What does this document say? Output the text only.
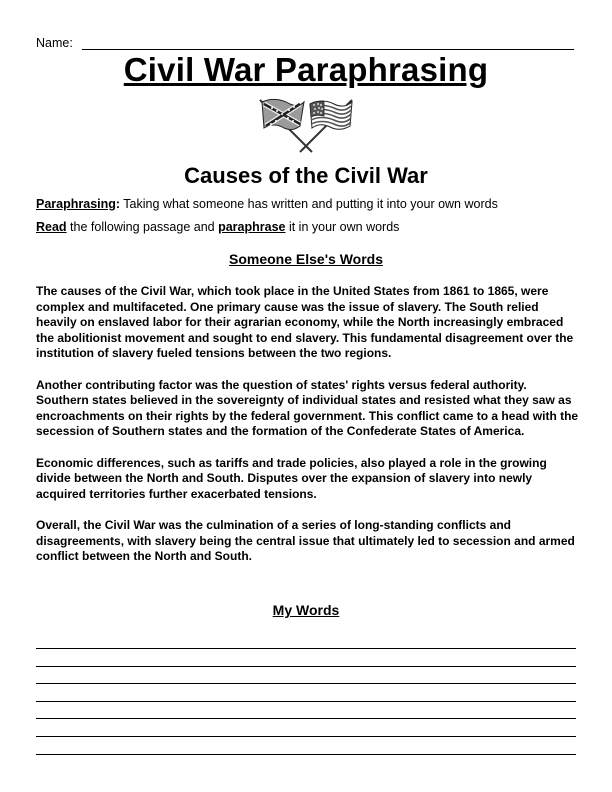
Name:
Civil War Paraphrasing
Causes of the Civil War
Paraphrasing: Taking what someone has written and putting it into your own words
Read the following passage and paraphrase it in your own words
Someone Else's Words

The causes of the Civil War, which took place in the United States from 1861 to 1865, were complex and multifaceted. One primary cause was the issue of slavery. The South relied heavily on enslaved labor for their agrarian economy, while the North increasingly embraced the abolitionist movement and sought to end slavery. This fundamental disagreement over the institution of slavery fueled tensions between the two regions.

Another contributing factor was the question of states' rights versus federal authority. Southern states believed in the sovereignty of individual states and resisted what they saw as encroachments on their rights by the federal government. This conflict came to a head with the secession of Southern states and the formation of the Confederate States of America.

Economic differences, such as tariffs and trade policies, also played a role in the growing divide between the North and South. Disputes over the expansion of slavery into newly acquired territories further exacerbated tensions.

Overall, the Civil War was the culmination of a series of long-standing conflicts and disagreements, with slavery being the central issue that ultimately led to secession and armed conflict between the North and South.

My Words
